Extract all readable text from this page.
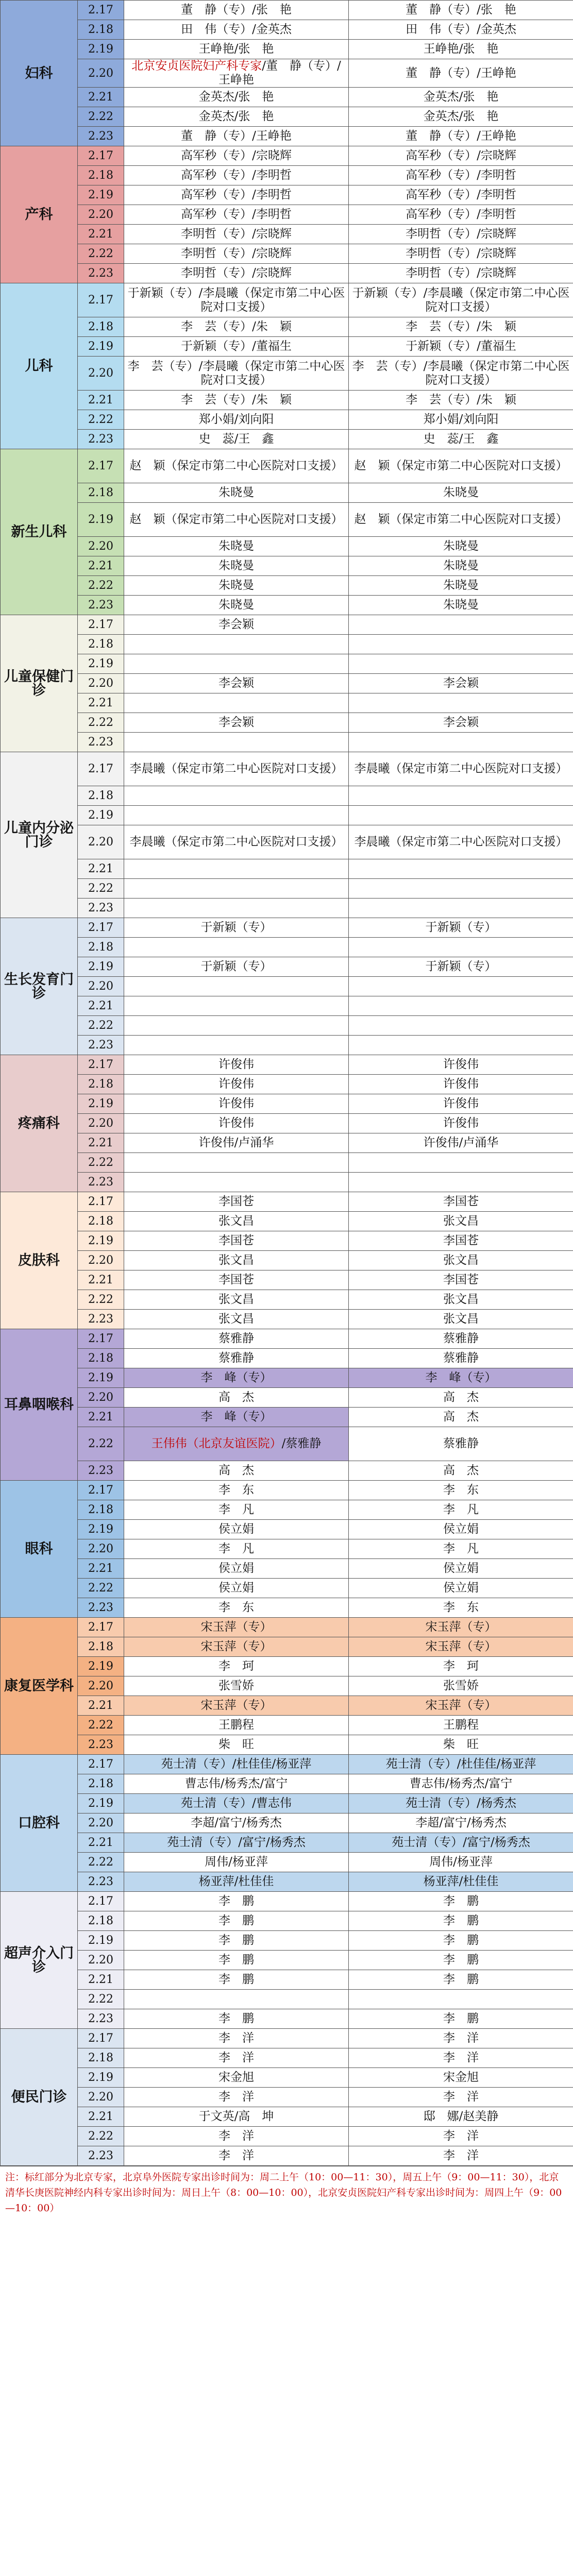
妇科	2.17	董　静（专）/张　艳	董　静（专）/张　艳
	2.18	田　伟（专）/金英杰	田　伟（专）/金英杰
	2.19	王峥艳/张　艳	王峥艳/张　艳
	2.20	北京安贞医院妇产科专家/董　静（专）/王峥艳	董　静（专）/王峥艳
	2.21	金英杰/张　艳	金英杰/张　艳
	2.22	金英杰/张　艳	金英杰/张　艳
	2.23	董　静（专）/王峥艳	董　静（专）/王峥艳
产科	2.17	高军秒（专）/宗晓辉	高军秒（专）/宗晓辉
	2.18	高军秒（专）/李明哲	高军秒（专）/李明哲
	2.19	高军秒（专）/李明哲	高军秒（专）/李明哲
	2.20	高军秒（专）/李明哲	高军秒（专）/李明哲
	2.21	李明哲（专）/宗晓辉	李明哲（专）/宗晓辉
	2.22	李明哲（专）/宗晓辉	李明哲（专）/宗晓辉
	2.23	李明哲（专）/宗晓辉	李明哲（专）/宗晓辉
儿科	2.17	于新颖（专）/李晨曦（保定市第二中心医院对口支援）	于新颖（专）/李晨曦（保定市第二中心医院对口支援）
	2.18	李　芸（专）/朱　颖	李　芸（专）/朱　颖
	2.19	于新颖（专）/董福生	于新颖（专）/董福生
	2.20	李　芸（专）/李晨曦（保定市第二中心医院对口支援）	李　芸（专）/李晨曦（保定市第二中心医院对口支援）
	2.21	李　芸（专）/朱　颖	李　芸（专）/朱　颖
	2.22	郑小娟/刘向阳	郑小娟/刘向阳
	2.23	史　蕊/王　鑫	史　蕊/王　鑫
新生儿科	2.17	赵　颖（保定市第二中心医院对口支援）	赵　颖（保定市第二中心医院对口支援）
	2.18	朱晓曼	朱晓曼
	2.19	赵　颖（保定市第二中心医院对口支援）	赵　颖（保定市第二中心医院对口支援）
	2.20	朱晓曼	朱晓曼
	2.21	朱晓曼	朱晓曼
	2.22	朱晓曼	朱晓曼
	2.23	朱晓曼	朱晓曼
儿童保健门诊	2.17	李会颖	
	2.18		
	2.19		
	2.20	李会颖	李会颖
	2.21		
	2.22	李会颖	李会颖
	2.23		
儿童内分泌门诊	2.17	李晨曦（保定市第二中心医院对口支援）	李晨曦（保定市第二中心医院对口支援）
	2.18		
	2.19		
	2.20	李晨曦（保定市第二中心医院对口支援）	李晨曦（保定市第二中心医院对口支援）
	2.21		
	2.22		
	2.23		
生长发育门诊	2.17	于新颖（专）	于新颖（专）
	2.18		
	2.19	于新颖（专）	于新颖（专）
	2.20		
	2.21		
	2.22		
	2.23		
疼痛科	2.17	许俊伟	许俊伟
	2.18	许俊伟	许俊伟
	2.19	许俊伟	许俊伟
	2.20	许俊伟	许俊伟
	2.21	许俊伟/卢涌华	许俊伟/卢涌华
	2.22		
	2.23		
皮肤科	2.17	李国苍	李国苍
	2.18	张文昌	张文昌
	2.19	李国苍	李国苍
	2.20	张文昌	张文昌
	2.21	李国苍	李国苍
	2.22	张文昌	张文昌
	2.23	张文昌	张文昌
耳鼻咽喉科	2.17	蔡雅静	蔡雅静
	2.18	蔡雅静	蔡雅静
	2.19	李　峰（专）	李　峰（专）
	2.20	高　杰	高　杰
	2.21	李　峰（专）	高　杰
	2.22	王伟伟（北京友谊医院）/蔡雅静	蔡雅静
	2.23	高　杰	高　杰
眼科	2.17	李　东	李　东
	2.18	李　凡	李　凡
	2.19	侯立娟	侯立娟
	2.20	李　凡	李　凡
	2.21	侯立娟	侯立娟
	2.22	侯立娟	侯立娟
	2.23	李　东	李　东
康复医学科	2.17	宋玉萍（专）	宋玉萍（专）
	2.18	宋玉萍（专）	宋玉萍（专）
	2.19	李　珂	李　珂
	2.20	张雪娇	张雪娇
	2.21	宋玉萍（专）	宋玉萍（专）
	2.22	王鹏程	王鹏程
	2.23	柴　旺	柴　旺
口腔科	2.17	苑士清（专）/杜佳佳/杨亚萍	苑士清（专）/杜佳佳/杨亚萍
	2.18	曹志伟/杨秀杰/富宁	曹志伟/杨秀杰/富宁
	2.19	苑士清（专）/曹志伟	苑士清（专）/杨秀杰
	2.20	李超/富宁/杨秀杰	李超/富宁/杨秀杰
	2.21	苑士清（专）/富宁/杨秀杰	苑士清（专）/富宁/杨秀杰
	2.22	周伟/杨亚萍	周伟/杨亚萍
	2.23	杨亚萍/杜佳佳	杨亚萍/杜佳佳
超声介入门诊	2.17	李　鹏	李　鹏
	2.18	李　鹏	李　鹏
	2.19	李　鹏	李　鹏
	2.20	李　鹏	李　鹏
	2.21	李　鹏	李　鹏
	2.22		
	2.23	李　鹏	李　鹏
便民门诊	2.17	李　洋	李　洋
	2.18	李　洋	李　洋
	2.19	宋金旭	宋金旭
	2.20	李　洋	李　洋
	2.21	于文英/高　坤	邸　娜/赵美静
	2.22	李　洋	李　洋
	2.23	李　洋	李　洋
注：标红部分为北京专家，北京阜外医院专家出诊时间为：周二上午（10：00—11：30），周五上午（9：00—11：30），北京清华长庚医院神经内科专家出诊时间为：周日上午（8：00—10：00），北京安贞医院妇产科专家出诊时间为：周四上午（9：00—10：00）
